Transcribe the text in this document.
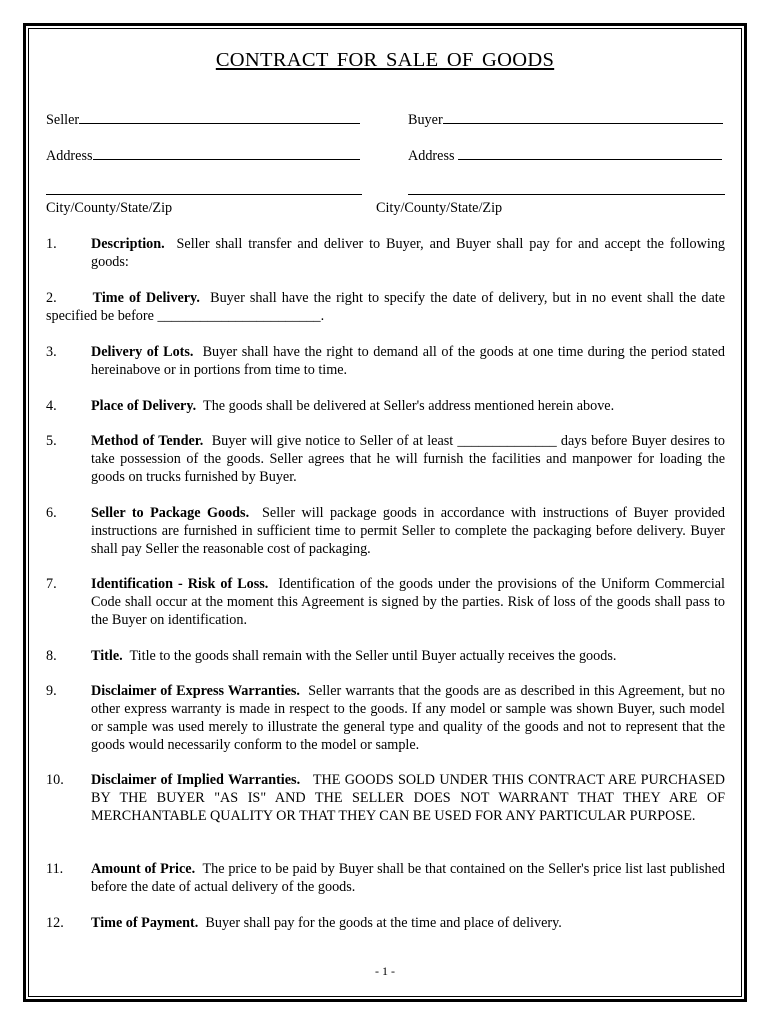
CONTRACT FOR SALE OF GOODS
Seller	Buyer
Address	Address
City/County/State/Zip	City/County/State/Zip
1. Description. Seller shall transfer and deliver to Buyer, and Buyer shall pay for and accept the following goods:
2.	Time of Delivery. Buyer shall have the right to specify the date of delivery, but in no event shall the date specified be before _______________________.
3. Delivery of Lots. Buyer shall have the right to demand all of the goods at one time during the period stated hereinabove or in portions from time to time.
4. Place of Delivery. The goods shall be delivered at Seller's address mentioned herein above.
5. Method of Tender. Buyer will give notice to Seller of at least ______________ days before Buyer desires to take possession of the goods. Seller agrees that he will furnish the facilities and manpower for loading the goods on trucks furnished by Buyer.
6. Seller to Package Goods. Seller will package goods in accordance with instructions of Buyer provided instructions are furnished in sufficient time to permit Seller to complete the packaging before delivery. Buyer shall pay Seller the reasonable cost of packaging.
7. Identification - Risk of Loss. Identification of the goods under the provisions of the Uniform Commercial Code shall occur at the moment this Agreement is signed by the parties. Risk of loss of the goods shall pass to the Buyer on identification.
8. Title. Title to the goods shall remain with the Seller until Buyer actually receives the goods.
9. Disclaimer of Express Warranties. Seller warrants that the goods are as described in this Agreement, but no other express warranty is made in respect to the goods. If any model or sample was shown Buyer, such model or sample was used merely to illustrate the general type and quality of the goods and not to represent that the goods would necessarily conform to the model or sample.
10. Disclaimer of Implied Warranties. THE GOODS SOLD UNDER THIS CONTRACT ARE PURCHASED BY THE BUYER "AS IS" AND THE SELLER DOES NOT WARRANT THAT THEY ARE OF MERCHANTABLE QUALITY OR THAT THEY CAN BE USED FOR ANY PARTICULAR PURPOSE.
11. Amount of Price. The price to be paid by Buyer shall be that contained on the Seller's price list last published before the date of actual delivery of the goods.
12. Time of Payment. Buyer shall pay for the goods at the time and place of delivery.
- 1 -
